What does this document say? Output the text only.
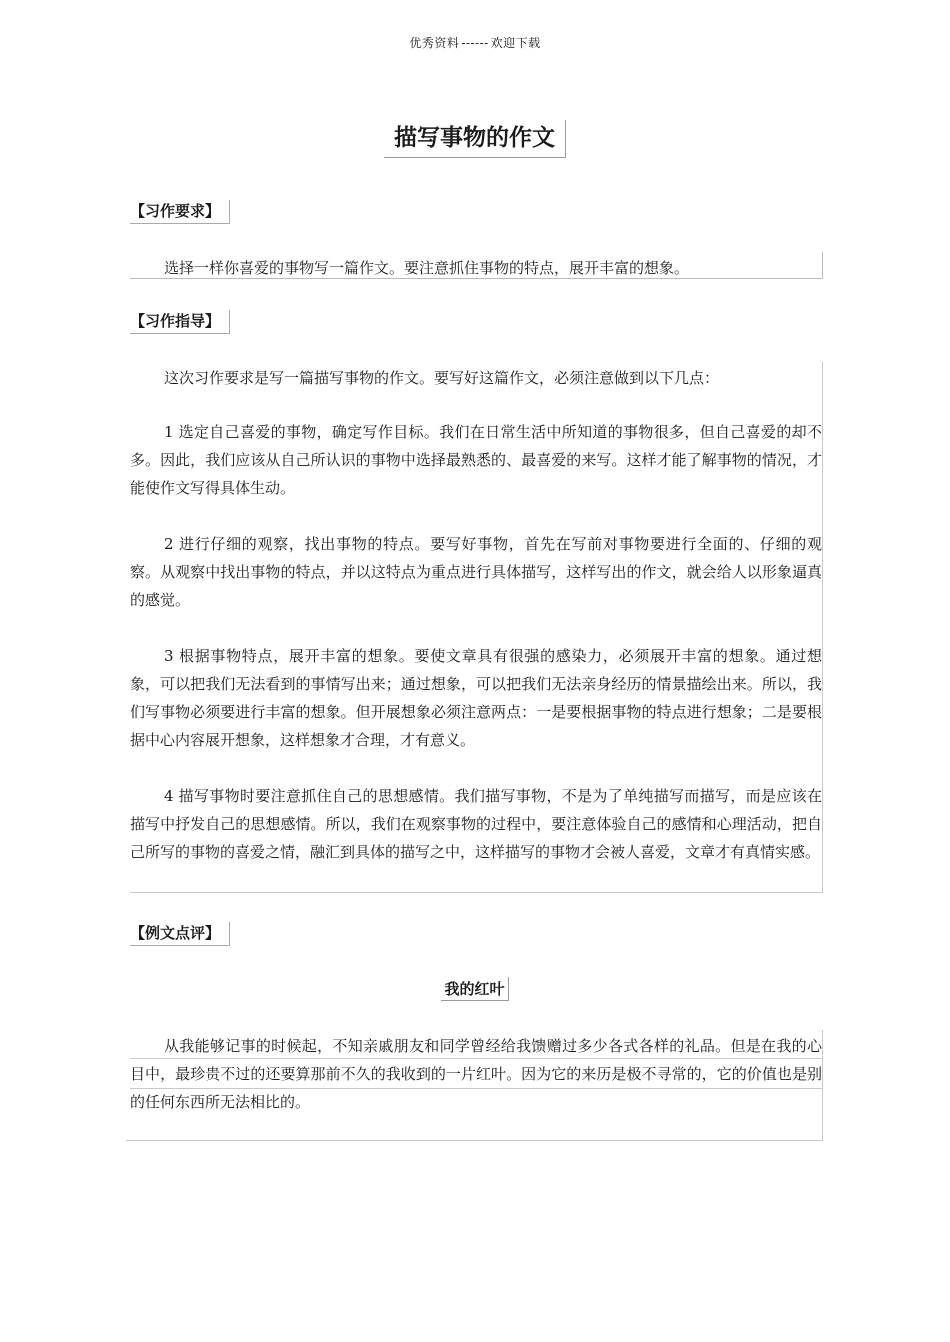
优秀资料 ------ 欢迎下载
描写事物的作文
【习作要求】
选择一样你喜爱的事物写一篇作文。要注意抓住事物的特点，展开丰富的想象。
【习作指导】
这次习作要求是写一篇描写事物的作文。要写好这篇作文，必须注意做到以下几点：
1 选定自己喜爱的事物，确定写作目标。我们在日常生活中所知道的事物很多，但自己喜爱的却不多。因此，我们应该从自己所认识的事物中选择最熟悉的、最喜爱的来写。这样才能了解事物的情况，才能使作文写得具体生动。
2 进行仔细的观察，找出事物的特点。要写好事物，首先在写前对事物要进行全面的、仔细的观察。从观察中找出事物的特点，并以这特点为重点进行具体描写，这样写出的作文，就会给人以形象逼真的感觉。
3 根据事物特点，展开丰富的想象。要使文章具有很强的感染力，必须展开丰富的想象。通过想象，可以把我们无法看到的事情写出来；通过想象，可以把我们无法亲身经历的情景描绘出来。所以，我们写事物必须要进行丰富的想象。但开展想象必须注意两点：一是要根据事物的特点进行想象；二是要根据中心内容展开想象，这样想象才合理，才有意义。
4 描写事物时要注意抓住自己的思想感情。我们描写事物，不是为了单纯描写而描写，而是应该在描写中抒发自己的思想感情。所以，我们在观察事物的过程中，要注意体验自己的感情和心理活动，把自己所写的事物的喜爱之情，融汇到具体的描写之中，这样描写的事物才会被人喜爱，文章才有真情实感。
【例文点评】
我的红叶
从我能够记事的时候起，不知亲戚朋友和同学曾经给我馈赠过多少各式各样的礼品。但是在我的心目中，最珍贵不过的还要算那前不久的我收到的一片红叶。因为它的来历是极不寻常的，它的价值也是别的任何东西所无法相比的。
